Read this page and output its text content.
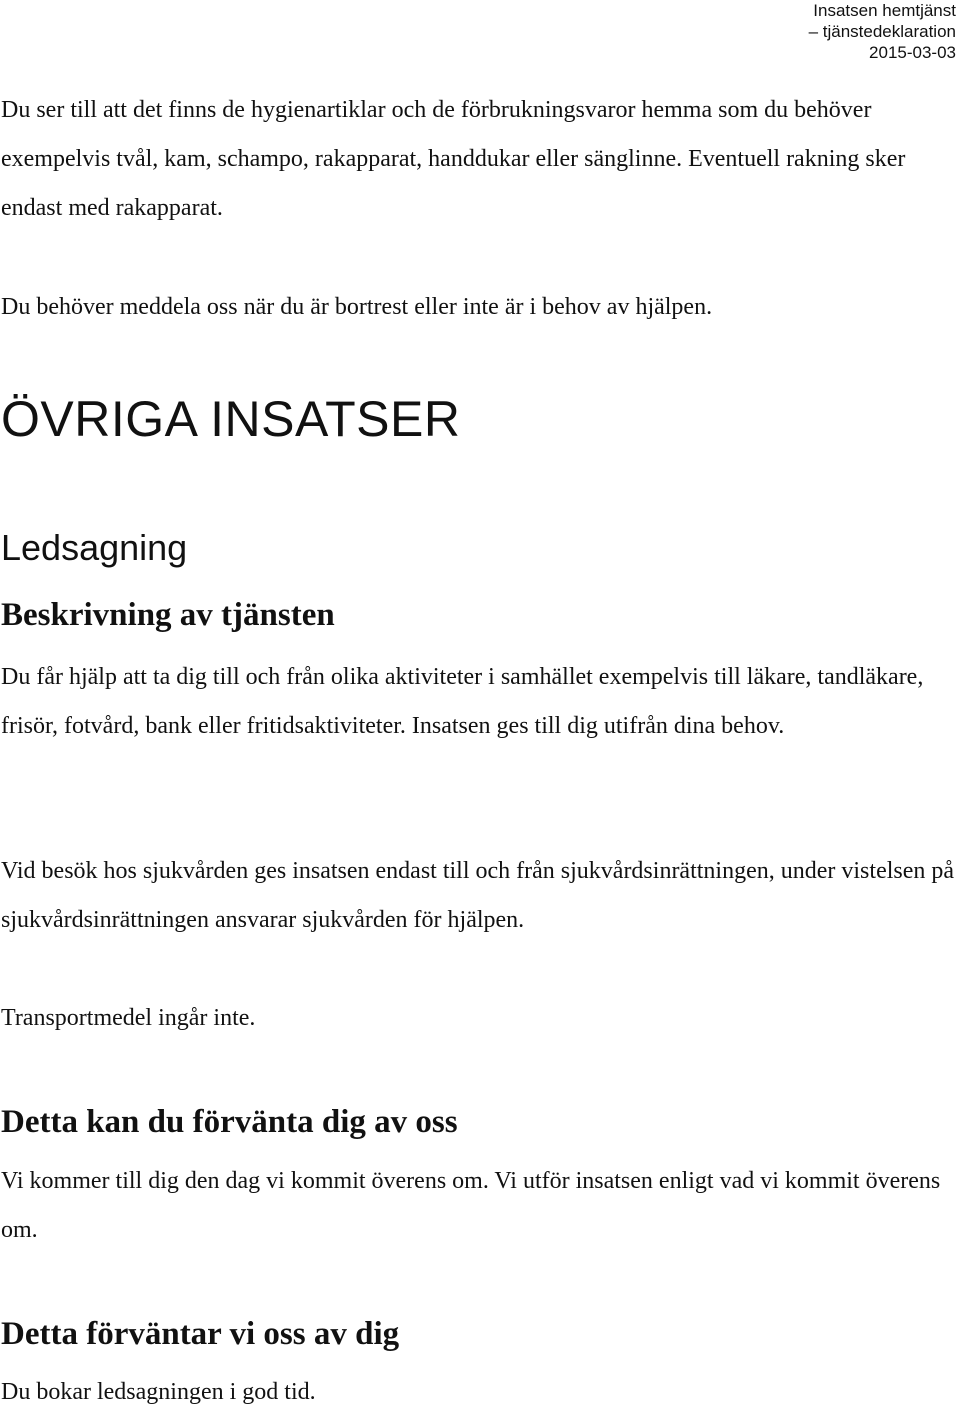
Insatsen hemtjänst
– tjänstedeklaration
2015-03-03

Du ser till att det finns de hygienartiklar och de förbrukningsvaror hemma som du behöver exempelvis tvål, kam, schampo, rakapparat, handdukar eller sänglinne. Eventuell rakning sker endast med rakapparat.

Du behöver meddela oss när du är bortrest eller inte är i behov av hjälpen.

ÖVRIGA INSATSER
Ledsagning
Beskrivning av tjänsten

Du får hjälp att ta dig till och från olika aktiviteter i samhället exempelvis till läkare, tandläkare, frisör, fotvård, bank eller fritidsaktiviteter. Insatsen ges till dig utifrån dina behov.

Vid besök hos sjukvården ges insatsen endast till och från sjukvårdsinrättningen, under vistelsen på sjukvårdsinrättningen ansvarar sjukvården för hjälpen.

Transportmedel ingår inte.

Detta kan du förvänta dig av oss

Vi kommer till dig den dag vi kommit överens om. Vi utför insatsen enligt vad vi kommit överens om.

Detta förväntar vi oss av dig

Du bokar ledsagningen i god tid.
